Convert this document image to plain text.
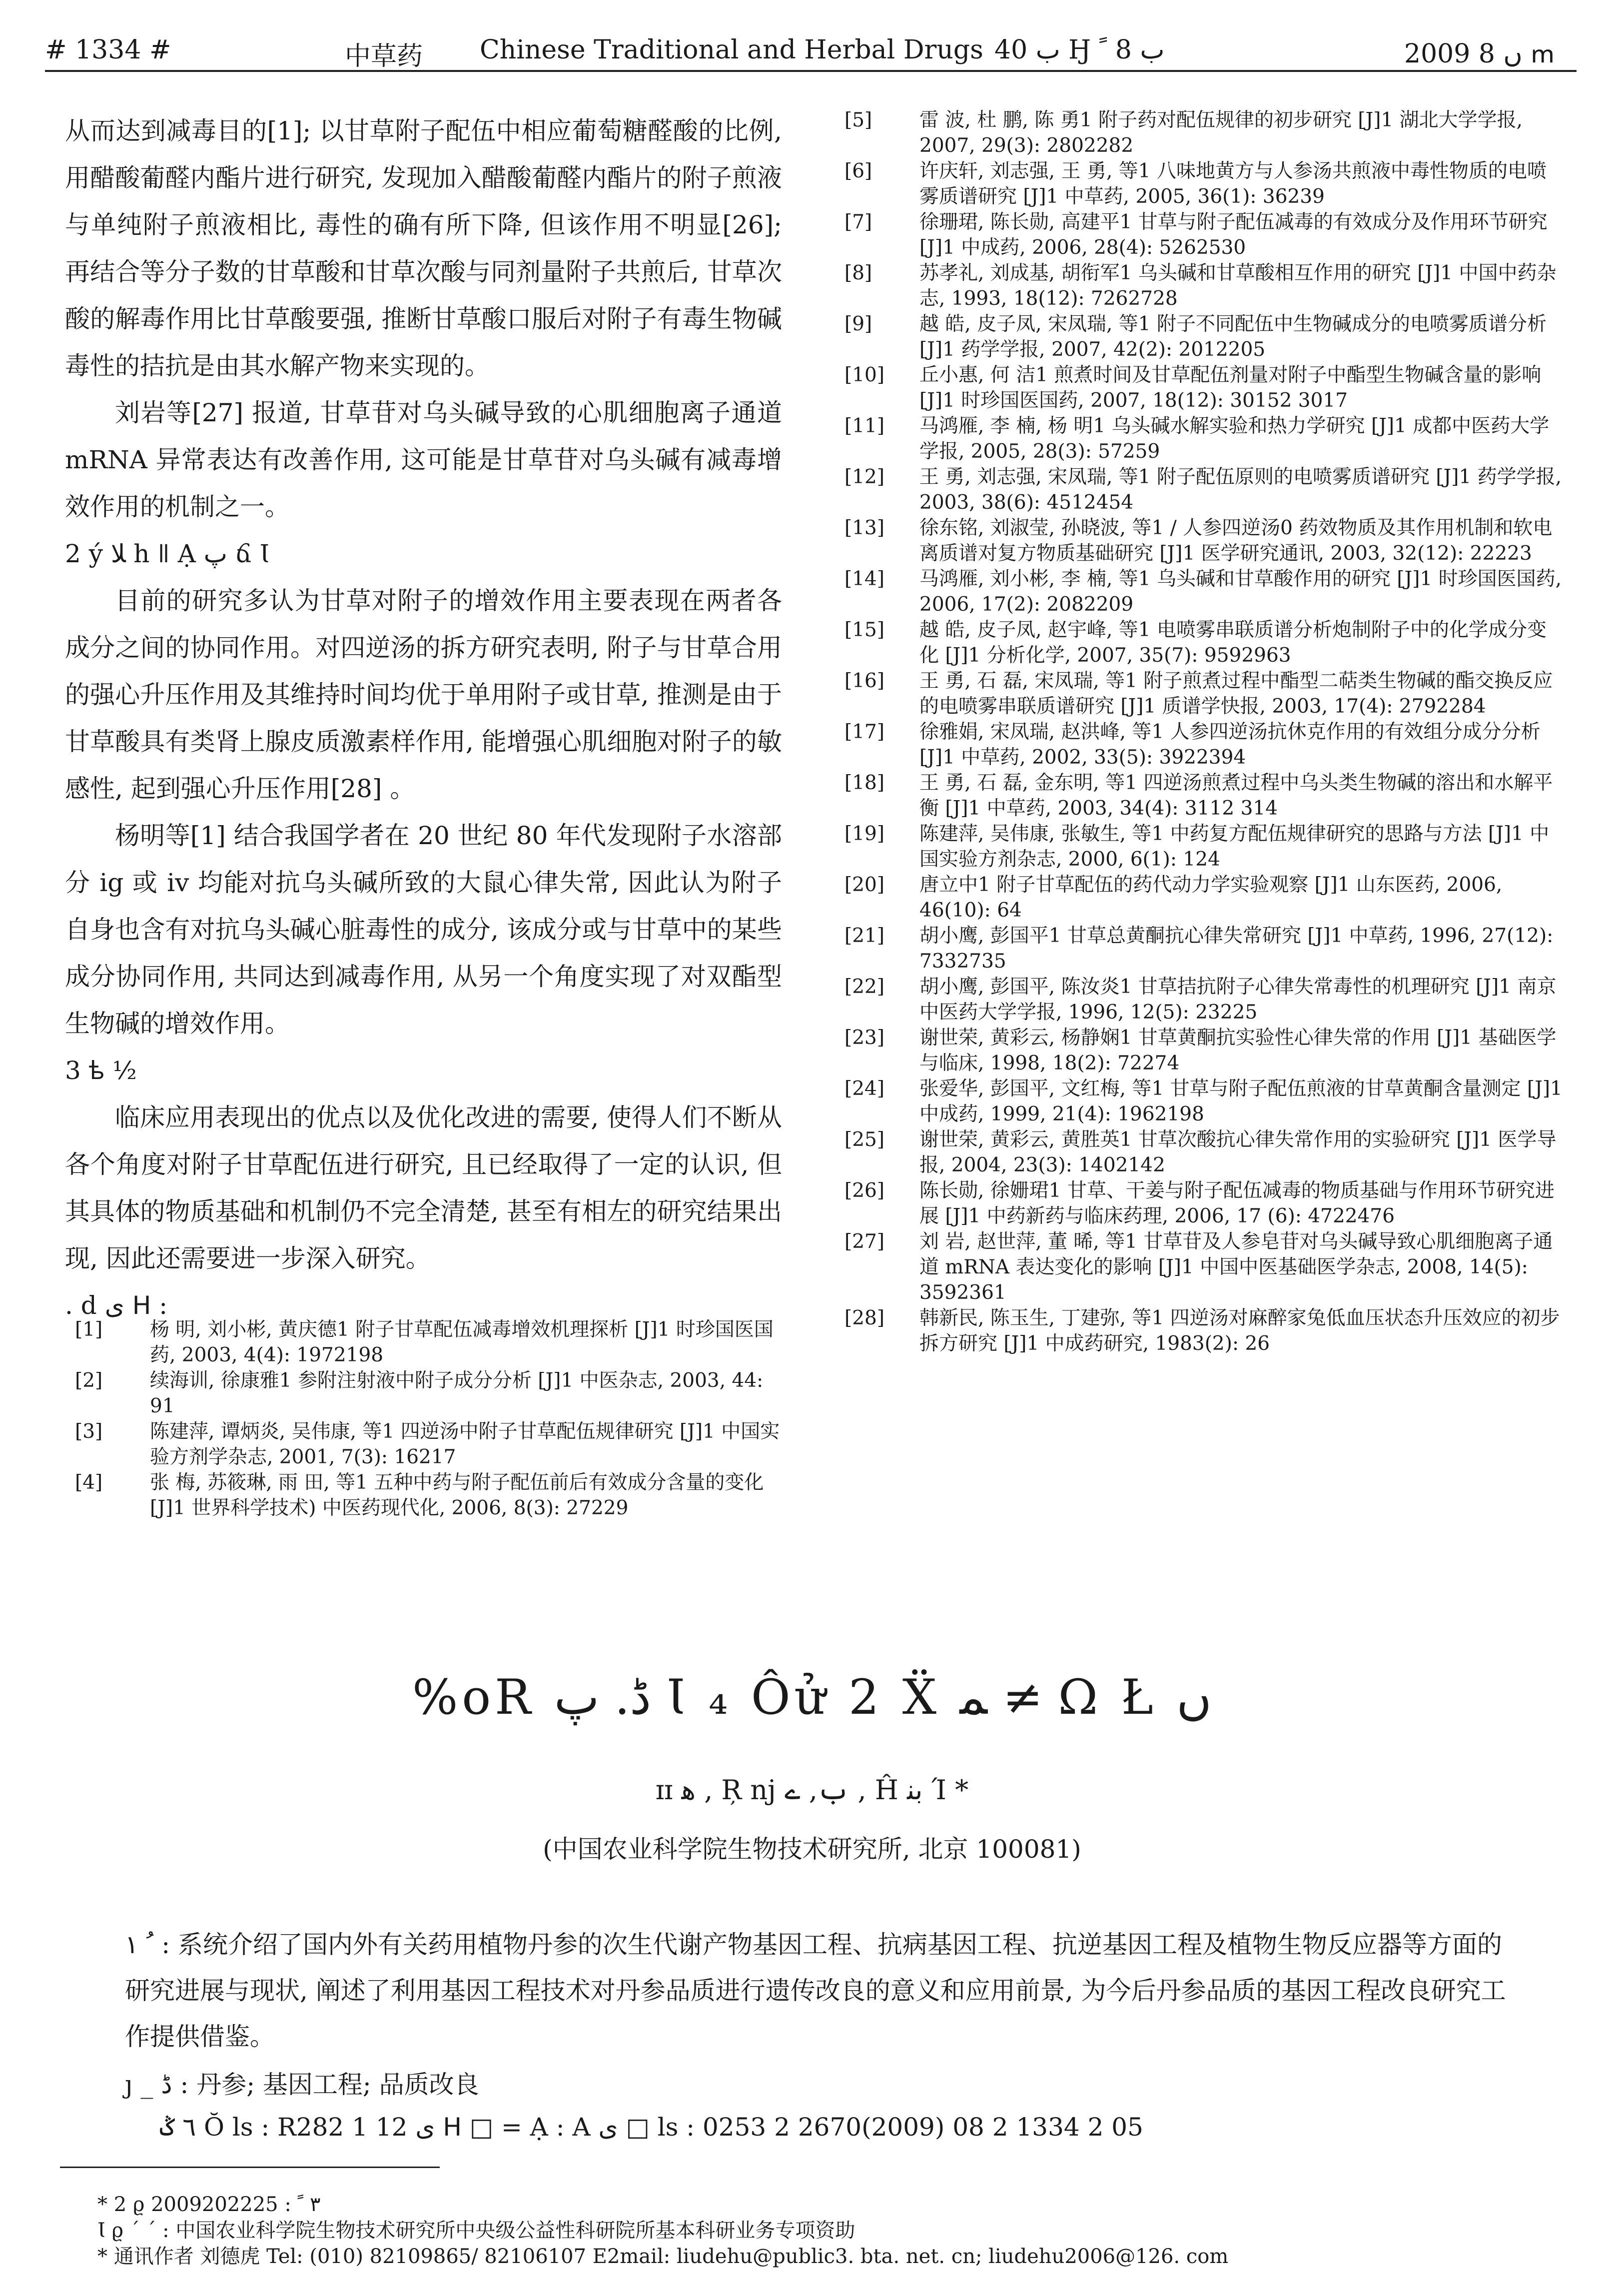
# 1334 #	中草药 Chinese Traditional and Herbal Drugs ب 40 Ӈ ب 8 ﹰ	2009 ں 8 ՠ

从而达到减毒目的[1]; 以甘草附子配伍中相应葡萄糖醛酸的比例, 用醋酸葡醛内酯片进行研究, 发现加入醋酸葡醛内酯片的附子煎液与单纯附子煎液相比, 毒性的确有所下降, 但该作用不明显[26]; 再结合等分子数的甘草酸和甘草次酸与同剂量附子共煎后, 甘草次酸的解毒作用比甘草酸要强, 推断甘草酸口服后对附子有毒生物碱毒性的拮抗是由其水解产物来实现的。

刘岩等[27] 报道, 甘草苷对乌头碱导致的心肌细胞离子通道 mRNA 异常表达有改善作用, 这可能是甘草苷对乌头碱有减毒增效作用的机制之一。

2 ý ﻼ հ ǁ Ạ پ ճ Ɩ

目前的研究多认为甘草对附子的增效作用主要表现在两者各成分之间的协同作用。对四逆汤的拆方研究表明, 附子与甘草合用的强心升压作用及其维持时间均优于单用附子或甘草, 推测是由于甘草酸具有类肾上腺皮质激素样作用, 能增强心肌细胞对附子的敏感性, 起到强心升压作用[28] 。

杨明等[1] 结合我国学者在 20 世纪 80 年代发现附子水溶部分 ig 或 iv 均能对抗乌头碱所致的大鼠心律失常, 因此认为附子自身也含有对抗乌头碱心脏毒性的成分, 该成分或与甘草中的某些成分协同作用, 共同达到减毒作用, 从另一个角度实现了对双酯型生物碱的增效作用。

3 ᲇ ½

临床应用表现出的优点以及优化改进的需要, 使得人们不断从各个角度对附子甘草配伍进行研究, 且已经取得了一定的认识, 但其具体的物质基础和机制仍不完全清楚, 甚至有相左的研究结果出现, 因此还需要进一步深入研究。

. d ى ᕼ :

[1]	杨 明, 刘小彬, 黄庆德1 附子甘草配伍减毒增效机理探析 [J]1 时珍国医国药, 2003, 4(4): 1972198

[2]	续海训, 徐康雅1 参附注射液中附子成分分析 [J]1 中医杂志, 2003, 44: 91

[3]	陈建萍, 谭炳炎, 吴伟康, 等1 四逆汤中附子甘草配伍规律研究 [J]1 中国实验方剂学杂志, 2001, 7(3): 16217

[4]	张 梅, 苏筱琳, 雨 田, 等1 五种中药与附子配伍前后有效成分含量的变化 [J]1 世界科学技术) 中医药现代化, 2006, 8(3): 27229

[5]	雷 波, 杜 鹏, 陈 勇1 附子药对配伍规律的初步研究 [J]1 湖北大学学报, 2007, 29(3): 2802282

[6]	许庆轩, 刘志强, 王 勇, 等1 八味地黄方与人参汤共煎液中毒性物质的电喷雾质谱研究 [J]1 中草药, 2005, 36(1): 36239

[7]	徐珊珺, 陈长勋, 高建平1 甘草与附子配伍减毒的有效成分及作用环节研究 [J]1 中成药, 2006, 28(4): 5262530

[8]	苏孝礼, 刘成基, 胡衔军1 乌头碱和甘草酸相互作用的研究 [J]1 中国中药杂志, 1993, 18(12): 7262728

[9]	越 皓, 皮子凤, 宋凤瑞, 等1 附子不同配伍中生物碱成分的电喷雾质谱分析 [J]1 药学学报, 2007, 42(2): 2012205

[10]	丘小惠, 何 洁1 煎煮时间及甘草配伍剂量对附子中酯型生物碱含量的影响 [J]1 时珍国医国药, 2007, 18(12): 30152 3017

[11]	马鸿雁, 李 楠, 杨 明1 乌头碱水解实验和热力学研究 [J]1 成都中医药大学学报, 2005, 28(3): 57259

[12]	王 勇, 刘志强, 宋凤瑞, 等1 附子配伍原则的电喷雾质谱研究 [J]1 药学学报, 2003, 38(6): 4512454

[13]	徐东铭, 刘淑莹, 孙晓波, 等1 / 人参四逆汤0 药效物质及其作用机制和软电离质谱对复方物质基础研究 [J]1 医学研究通讯, 2003, 32(12): 22223

[14]	马鸿雁, 刘小彬, 李 楠, 等1 乌头碱和甘草酸作用的研究 [J]1 时珍国医国药, 2006, 17(2): 2082209

[15]	越 皓, 皮子凤, 赵宇峰, 等1 电喷雾串联质谱分析炮制附子中的化学成分变化 [J]1 分析化学, 2007, 35(7): 9592963

[16]	王 勇, 石 磊, 宋凤瑞, 等1 附子煎煮过程中酯型二萜类生物碱的酯交换反应的电喷雾串联质谱研究 [J]1 质谱学快报, 2003, 17(4): 2792284

[17]	徐雅娟, 宋凤瑞, 赵洪峰, 等1 人参四逆汤抗休克作用的有效组分成分分析 [J]1 中草药, 2002, 33(5): 3922394

[18]	王 勇, 石 磊, 金东明, 等1 四逆汤煎煮过程中乌头类生物碱的溶出和水解平衡 [J]1 中草药, 2003, 34(4): 3112 314

[19]	陈建萍, 吴伟康, 张敏生, 等1 中药复方配伍规律研究的思路与方法 [J]1 中国实验方剂杂志, 2000, 6(1): 124

[20]	唐立中1 附子甘草配伍的药代动力学实验观察 [J]1 山东医药, 2006, 46(10): 64

[21]	胡小鹰, 彭国平1 甘草总黄酮抗心律失常研究 [J]1 中草药, 1996, 27(12): 7332735

[22]	胡小鹰, 彭国平, 陈汝炎1 甘草拮抗附子心律失常毒性的机理研究 [J]1 南京中医药大学学报, 1996, 12(5): 23225

[23]	谢世荣, 黄彩云, 杨静娴1 甘草黄酮抗实验性心律失常的作用 [J]1 基础医学与临床, 1998, 18(2): 72274

[24]	张爱华, 彭国平, 文红梅, 等1 甘草与附子配伍煎液的甘草黄酮含量测定 [J]1 中成药, 1999, 21(4): 1962198

[25]	谢世荣, 黄彩云, 黄胜英1 甘草次酸抗心律失常作用的实验研究 [J]1 医学导报, 2004, 23(3): 1402142

[26]	陈长勋, 徐姗珺1 甘草、干姜与附子配伍减毒的物质基础与作用环节研究进展 [J]1 中药新药与临床药理, 2006, 17 (6): 4722476

[27]	刘 岩, 赵世萍, 董 晞, 等1 甘草苷及人参皂苷对乌头碱导致心肌细胞离子通道 mRNA 表达变化的影响 [J]1 中国中医基础医学杂志, 2008, 14(5): 3592361

[28]	韩新民, 陈玉生, 丁建弥, 等1 四逆汤对麻醉家兔低血压状态升压效应的初步拆方研究 [J]1 中成药研究, 1983(2): 26

%oR ڈ. پ Ɩ ₄ Ôử 2 Ẍ ﻤ ≠ Ω Ł ں
ɪɪ ﮬ , Ŗ nj ب, ے , Ĥ ﺑﻨ Ί *
(中国农业科学院生物技术研究所, 北京 100081)
ﹸ ١ : 系统介绍了国内外有关药用植物丹参的次生代谢产物基因工程、抗病基因工程、抗逆基因工程及植物生物反应器等方面的研究进展与现状, 阐述了利用基因工程技术对丹参品质进行遗传改良的意义和应用前景, 为今后丹参品质的基因工程改良研究工作提供借鉴。
ȷ _ ڈ : 丹参; 基因工程; 品质改良
٦ ݣ Ŏ ls : R282 1 12 ى ᕼ □ = Ạ : A ى □ ls : 0253 2 2670(2009) 08 2 1334 2 05
* 2 ϱ ٣ ﹰ : 2009202225
Ɩ ϱ ˊ ˊ : 中国农业科学院生物技术研究所中央级公益性科研院所基本科研业务专项资助
* 通讯作者 刘德虎 Tel: (010) 82109865/ 82106107 E2mail: liudehu@public3. bta. net. cn; liudehu2006@126. com
